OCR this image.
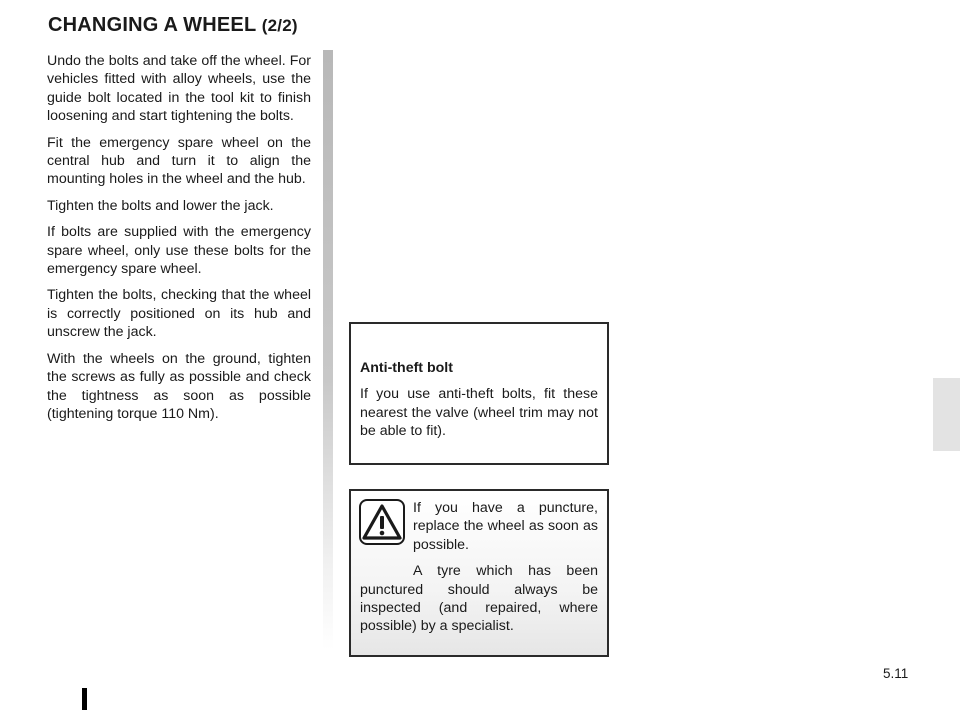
CHANGING A WHEEL (2/2)

Undo the bolts and take off the wheel. For vehicles fitted with alloy wheels, use the guide bolt located in the tool kit to finish loosening and start tightening the bolts.

Fit the emergency spare wheel on the central hub and turn it to align the mounting holes in the wheel and the hub.

Tighten the bolts and lower the jack.

If bolts are supplied with the emergency spare wheel, only use these bolts for the emergency spare wheel.

Tighten the bolts, checking that the wheel is correctly positioned on its hub and unscrew the jack.

With the wheels on the ground, tighten the screws as fully as possible and check the tightness as soon as possible (tightening torque 110 Nm).

Anti-theft bolt

If you use anti-theft bolts, fit these nearest the valve (wheel trim may not be able to fit).

If you have a puncture, replace the wheel as soon as possible.

A tyre which has been punctured should always be inspected (and repaired, where possible) by a specialist.

5.11
